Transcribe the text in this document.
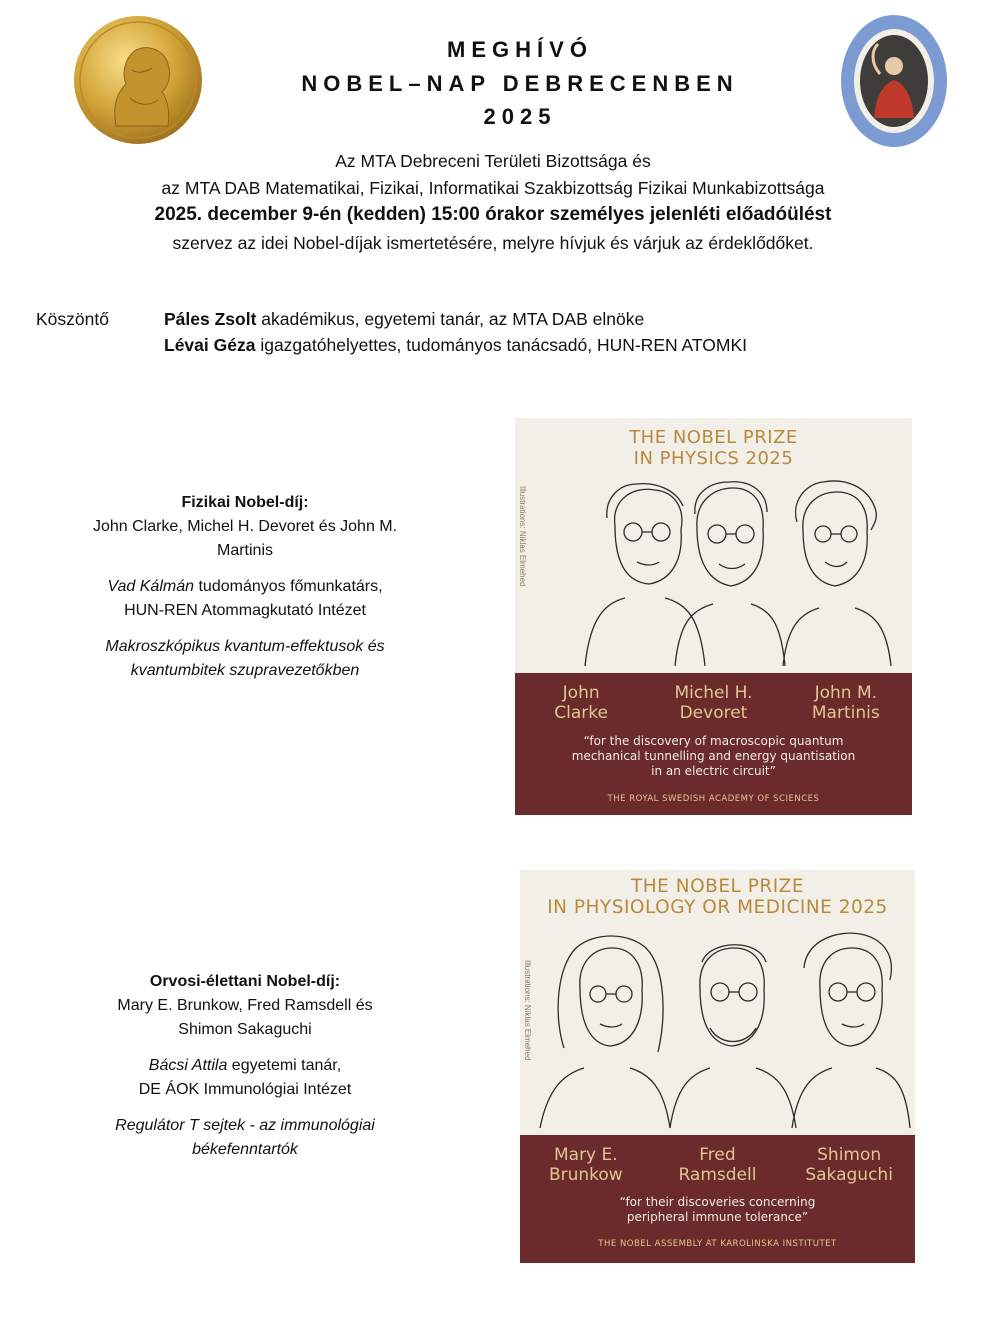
MEGHÍVÓ
NOBEL–NAP DEBRECENBEN
2025
Az MTA Debreceni Területi Bizottsága és
az MTA DAB Matematikai, Fizikai, Informatikai Szakbizottság Fizikai Munkabizottsága
2025. december 9-én (kedden) 15:00 órakor személyes jelenléti előadóülést
szervez az idei Nobel-díjak ismertetésére, melyre hívjuk és várjuk az érdeklődőket.
Köszöntő	Páles Zsolt akadémikus, egyetemi tanár, az MTA DAB elnöke
Lévai Géza igazgatóhelyettes, tudományos tanácsadó, HUN-REN ATOMKI

Fizikai Nobel-díj:
John Clarke, Michel H. Devoret és John M.
Martinis

Vad Kálmán tudományos főmunkatárs,
HUN-REN Atommagkutató Intézet

Makroszkópikus kvantum-effektusok és
kvantumbitek szupravezetőkben

THE NOBEL PRIZE
IN PHYSICS 2025
Illustrations: Niklas Elmehed
John
Clarke
Michel H.
Devoret
John M.
Martinis
“for the discovery of macroscopic quantum
mechanical tunnelling and energy quantisation
in an electric circuit”
THE ROYAL SWEDISH ACADEMY OF SCIENCES

Orvosi-élettani Nobel-díj:
Mary E. Brunkow, Fred Ramsdell és
Shimon Sakaguchi

Bácsi Attila egyetemi tanár,
DE ÁOK Immunológiai Intézet

Regulátor T sejtek - az immunológiai
békefenntartók

THE NOBEL PRIZE
IN PHYSIOLOGY OR MEDICINE 2025
Illustrations: Niklas Elmehed
Mary E.
Brunkow
Fred
Ramsdell
Shimon
Sakaguchi
“for their discoveries concerning
peripheral immune tolerance”
THE NOBEL ASSEMBLY AT KAROLINSKA INSTITUTET
